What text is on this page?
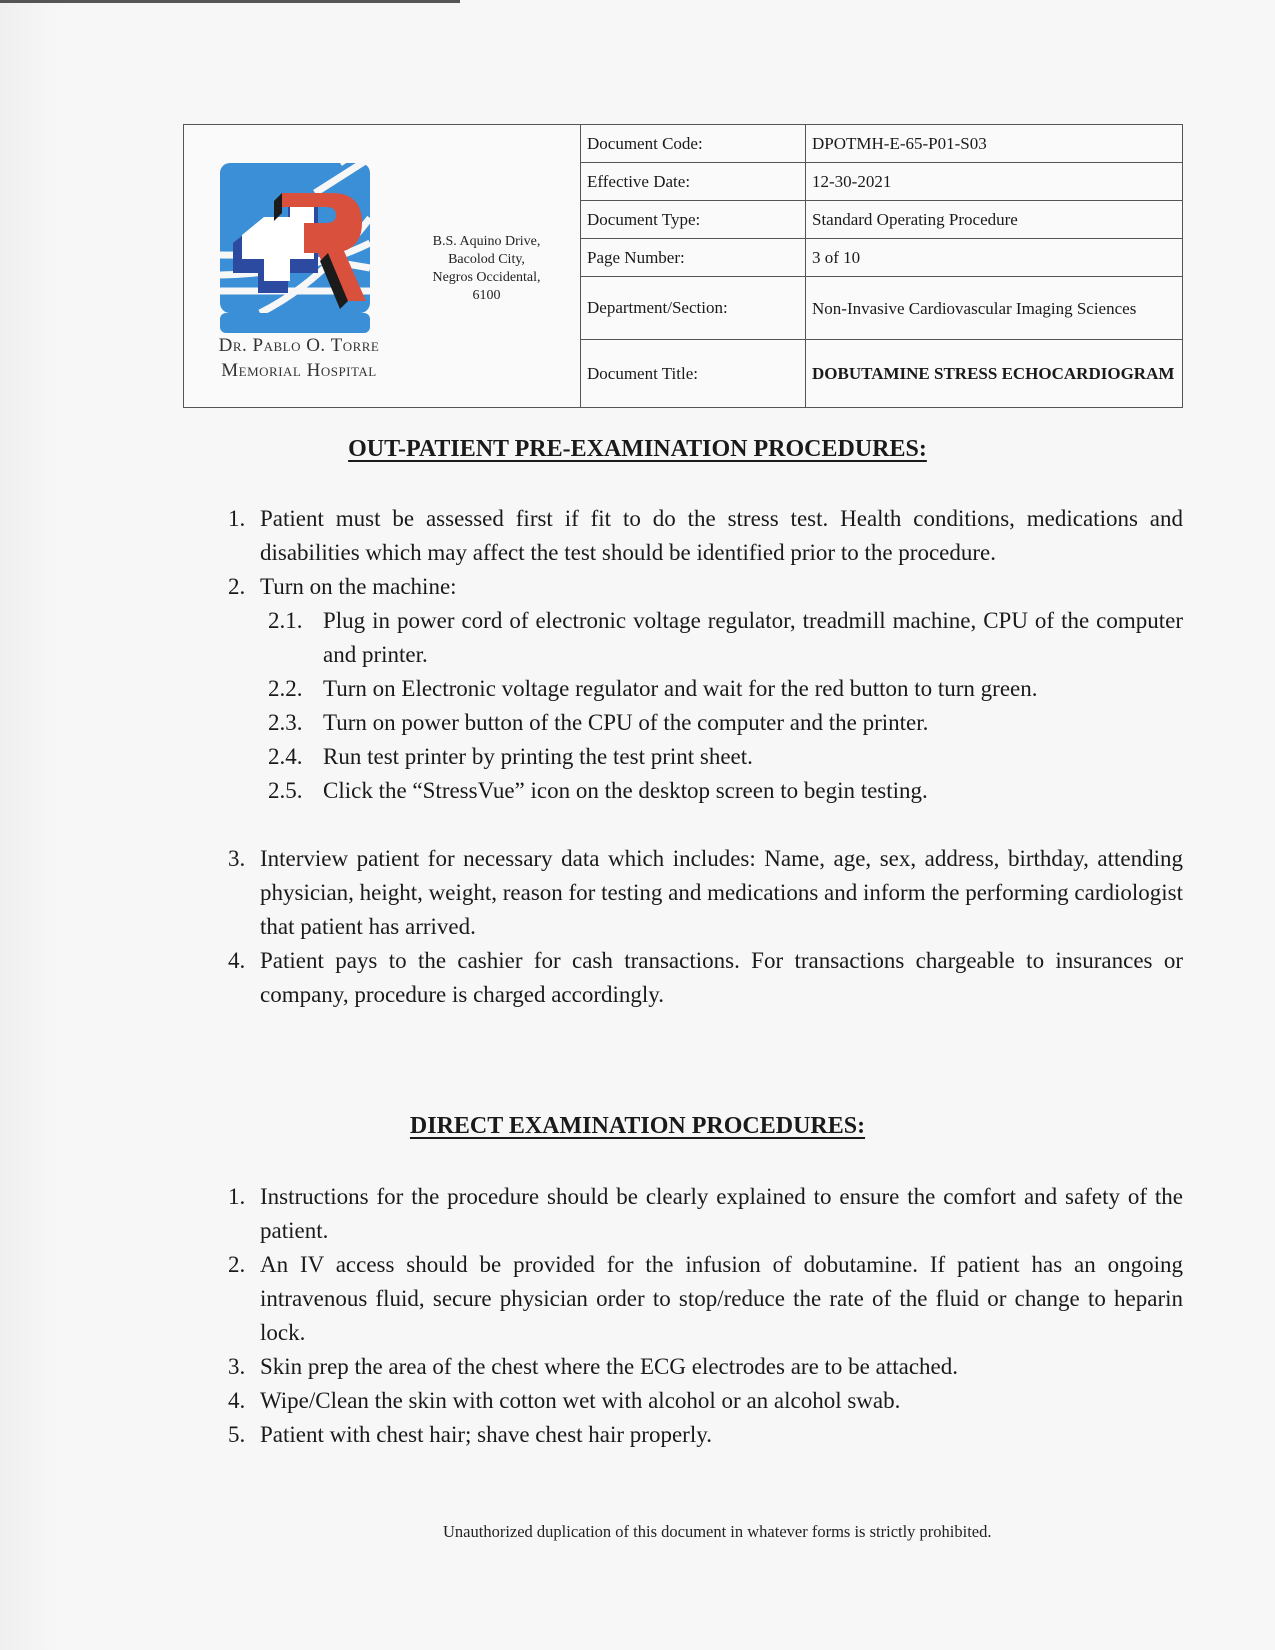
Dr. Pablo O. Torre
Memorial Hospital
B.S. Aquino Drive,
Bacolod City,
Negros Occidental,
6100
Document Code:	DPOTMH-E-65-P01-S03
Effective Date:	12-30-2021
Document Type:	Standard Operating Procedure
Page Number:	3 of 10
Department/Section:	Non-Invasive Cardiovascular Imaging Sciences
Document Title:	DOBUTAMINE STRESS ECHOCARDIOGRAM
OUT-PATIENT PRE-EXAMINATION PROCEDURES:
1. Patient must be assessed first if fit to do the stress test. Health conditions, medications and disabilities which may affect the test should be identified prior to the procedure.
2. Turn on the machine:
2.1. Plug in power cord of electronic voltage regulator, treadmill machine, CPU of the computer and printer.
2.2. Turn on Electronic voltage regulator and wait for the red button to turn green.
2.3. Turn on power button of the CPU of the computer and the printer.
2.4. Run test printer by printing the test print sheet.
2.5. Click the “StressVue” icon on the desktop screen to begin testing.
3. Interview patient for necessary data which includes: Name, age, sex, address, birthday, attending physician, height, weight, reason for testing and medications and inform the performing cardiologist that patient has arrived.
4. Patient pays to the cashier for cash transactions. For transactions chargeable to insurances or company, procedure is charged accordingly.
DIRECT EXAMINATION PROCEDURES:
1. Instructions for the procedure should be clearly explained to ensure the comfort and safety of the patient.
2. An IV access should be provided for the infusion of dobutamine. If patient has an ongoing intravenous fluid, secure physician order to stop/reduce the rate of the fluid or change to heparin lock.
3. Skin prep the area of the chest where the ECG electrodes are to be attached.
4. Wipe/Clean the skin with cotton wet with alcohol or an alcohol swab.
5. Patient with chest hair; shave chest hair properly.
Unauthorized duplication of this document in whatever forms is strictly prohibited.
